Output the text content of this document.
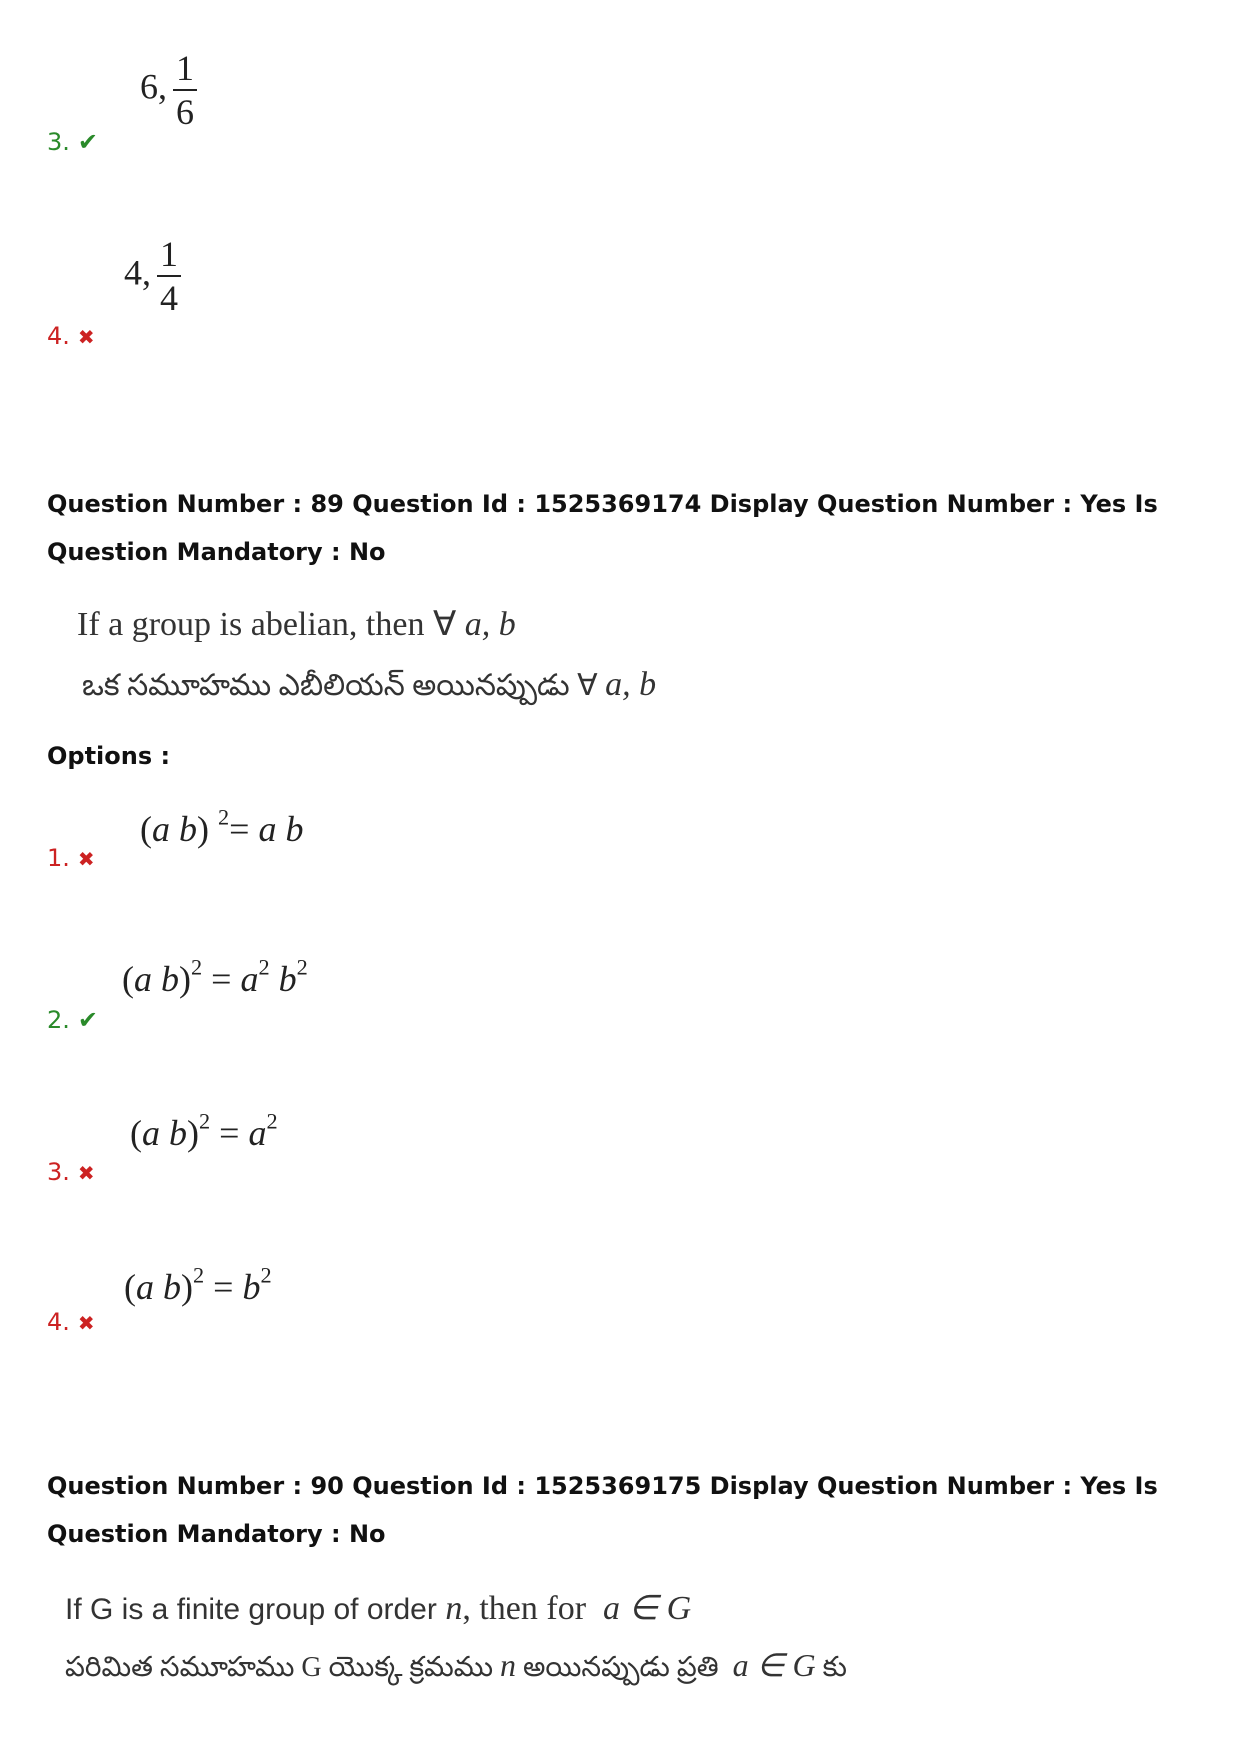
6, $\frac{1}{6}$
3. ✔
4, $\frac{1}{4}$
4. ✖
Question Number : 89 Question Id : 1525369174 Display Question Number : Yes Is Question Mandatory : No
If a group is abelian, then ∀ a, b
ఒక సమూహము ఎబీలియన్ అయినప్పుడు ∀ a, b
Options :
(a b) $^2$= a b
1. ✖
(a $b)^2 = a^2$ $b^2$
2. ✔
(a $b)^2 = a^2$
3. ✖
(a $b)^2 = b^2$
4. ✖
Question Number : 90 Question Id : 1525369175 Display Question Number : Yes Is Question Mandatory : No
If G is a finite group of order n, then for a ∈ G
పరిమిత సమూహము G యొక్క క్రమము n అయినప్పుడు ప్రతి a ∈ G కు
